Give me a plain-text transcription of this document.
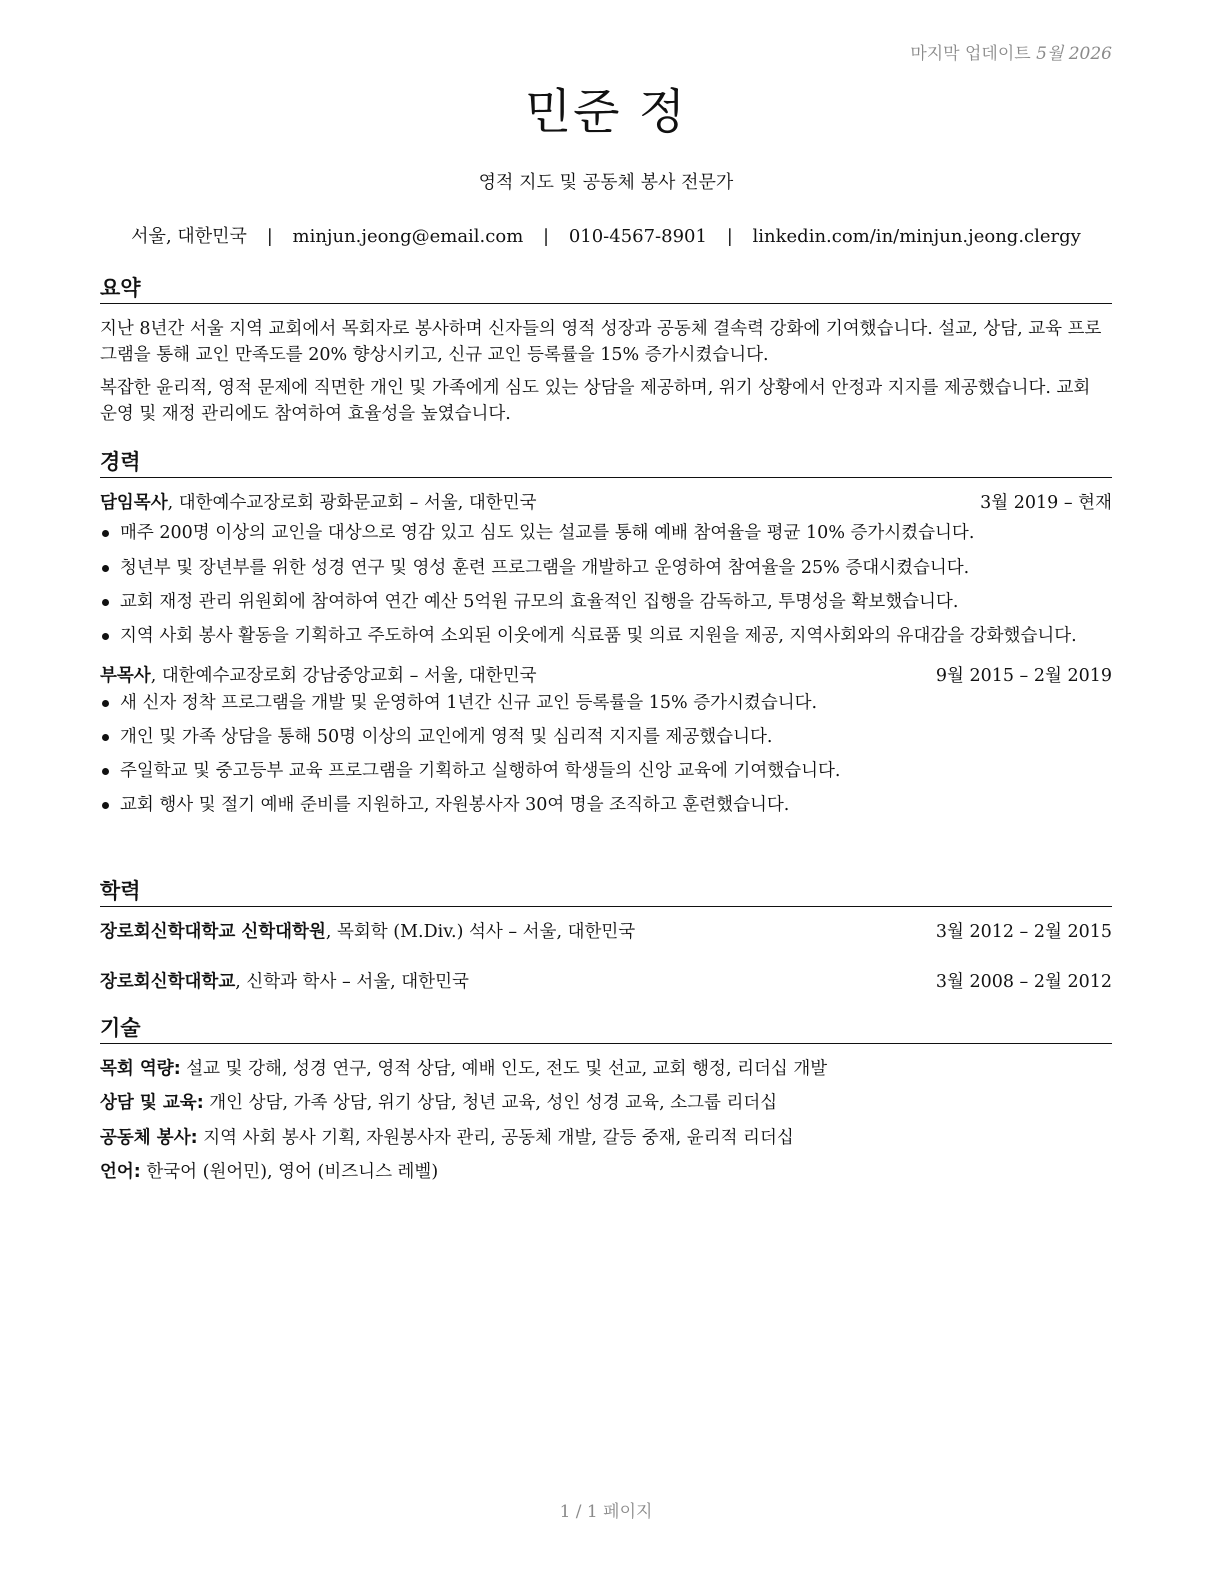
마지막 업데이트 5월 2026
민준 정
영적 지도 및 공동체 봉사 전문가
서울, 대한민국 | minjun.jeong@email.com | 010-4567-8901 | linkedin.com/in/minjun.jeong.clergy
요약

지난 8년간 서울 지역 교회에서 목회자로 봉사하며 신자들의 영적 성장과 공동체 결속력 강화에 기여했습니다. 설교, 상담, 교육 프로그램을 통해 교인 만족도를 20% 향상시키고, 신규 교인 등록률을 15% 증가시켰습니다.

복잡한 윤리적, 영적 문제에 직면한 개인 및 가족에게 심도 있는 상담을 제공하며, 위기 상황에서 안정과 지지를 제공했습니다. 교회 운영 및 재정 관리에도 참여하여 효율성을 높였습니다.

경력
담임목사, 대한예수교장로회 광화문교회 – 서울, 대한민국	3월 2019 – 현재
매주 200명 이상의 교인을 대상으로 영감 있고 심도 있는 설교를 통해 예배 참여율을 평균 10% 증가시켰습니다.
청년부 및 장년부를 위한 성경 연구 및 영성 훈련 프로그램을 개발하고 운영하여 참여율을 25% 증대시켰습니다.
교회 재정 관리 위원회에 참여하여 연간 예산 5억원 규모의 효율적인 집행을 감독하고, 투명성을 확보했습니다.
지역 사회 봉사 활동을 기획하고 주도하여 소외된 이웃에게 식료품 및 의료 지원을 제공, 지역사회와의 유대감을 강화했습니다.
부목사, 대한예수교장로회 강남중앙교회 – 서울, 대한민국	9월 2015 – 2월 2019
새 신자 정착 프로그램을 개발 및 운영하여 1년간 신규 교인 등록률을 15% 증가시켰습니다.
개인 및 가족 상담을 통해 50명 이상의 교인에게 영적 및 심리적 지지를 제공했습니다.
주일학교 및 중고등부 교육 프로그램을 기획하고 실행하여 학생들의 신앙 교육에 기여했습니다.
교회 행사 및 절기 예배 준비를 지원하고, 자원봉사자 30여 명을 조직하고 훈련했습니다.
학력
장로회신학대학교 신학대학원, 목회학 (M.Div.) 석사 – 서울, 대한민국	3월 2012 – 2월 2015
장로회신학대학교, 신학과 학사 – 서울, 대한민국	3월 2008 – 2월 2012
기술
목회 역량: 설교 및 강해, 성경 연구, 영적 상담, 예배 인도, 전도 및 선교, 교회 행정, 리더십 개발
상담 및 교육: 개인 상담, 가족 상담, 위기 상담, 청년 교육, 성인 성경 교육, 소그룹 리더십
공동체 봉사: 지역 사회 봉사 기획, 자원봉사자 관리, 공동체 개발, 갈등 중재, 윤리적 리더십
언어: 한국어 (원어민), 영어 (비즈니스 레벨)
1 / 1 페이지
